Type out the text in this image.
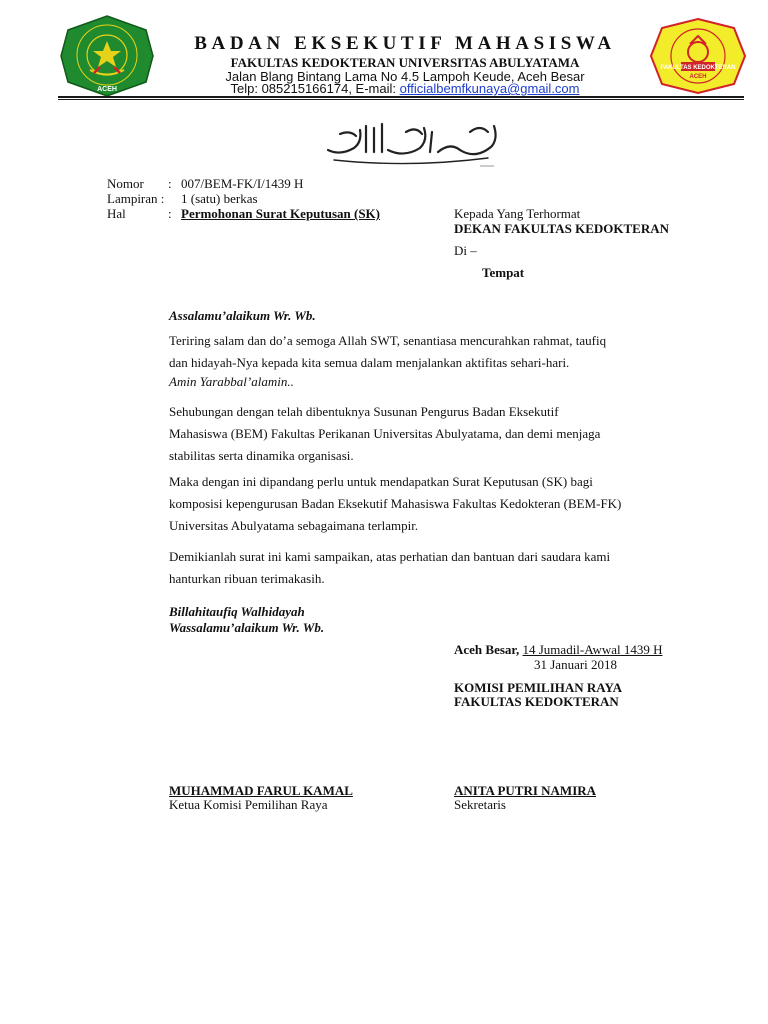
ACEH
FAKULTAS KEDOKTERAN
ACEH
BADAN EKSEKUTIF MAHASISWA
FAKULTAS KEDOKTERAN UNIVERSITAS ABULYATAMA
Jalan Blang Bintang Lama No 4.5 Lampoh Keude, Aceh Besar
Telp: 085215166174, E-mail: officialbemfkunaya@gmail.com
Nomor : 007/BEM-FK/I/1439 H
Lampiran : 1 (satu) berkas
Hal	: Permohonan Surat Keputusan (SK)	Kepada Yang Terhormat
DEKAN FAKULTAS KEDOKTERAN
Di –
Tempat
Assalamu’alaikum Wr. Wb.
Teriring salam dan do’a semoga Allah SWT, senantiasa mencurahkan rahmat, taufiq
dan hidayah-Nya kepada kita semua dalam menjalankan aktifitas sehari-hari.
Amin Yarabbal’alamin..
Sehubungan dengan telah dibentuknya Susunan Pengurus Badan Eksekutif
Mahasiswa (BEM) Fakultas Perikanan Universitas Abulyatama, dan demi menjaga
stabilitas serta dinamika organisasi.
Maka dengan ini dipandang perlu untuk mendapatkan Surat Keputusan (SK) bagi
komposisi kepengurusan Badan Eksekutif Mahasiswa Fakultas Kedokteran (BEM-FK)
Universitas Abulyatama sebagaimana terlampir.
Demikianlah surat ini kami sampaikan, atas perhatian dan bantuan dari saudara kami
hanturkan ribuan terimakasih.
Billahitaufiq Walhidayah
Wassalamu’alaikum Wr. Wb.
Aceh Besar, 14 Jumadil-Awwal 1439 H
31 Januari 2018
KOMISI PEMILIHAN RAYA
FAKULTAS KEDOKTERAN
MUHAMMAD FARUL KAMAL
Ketua Komisi Pemilihan Raya
ANITA PUTRI NAMIRA
Sekretaris
